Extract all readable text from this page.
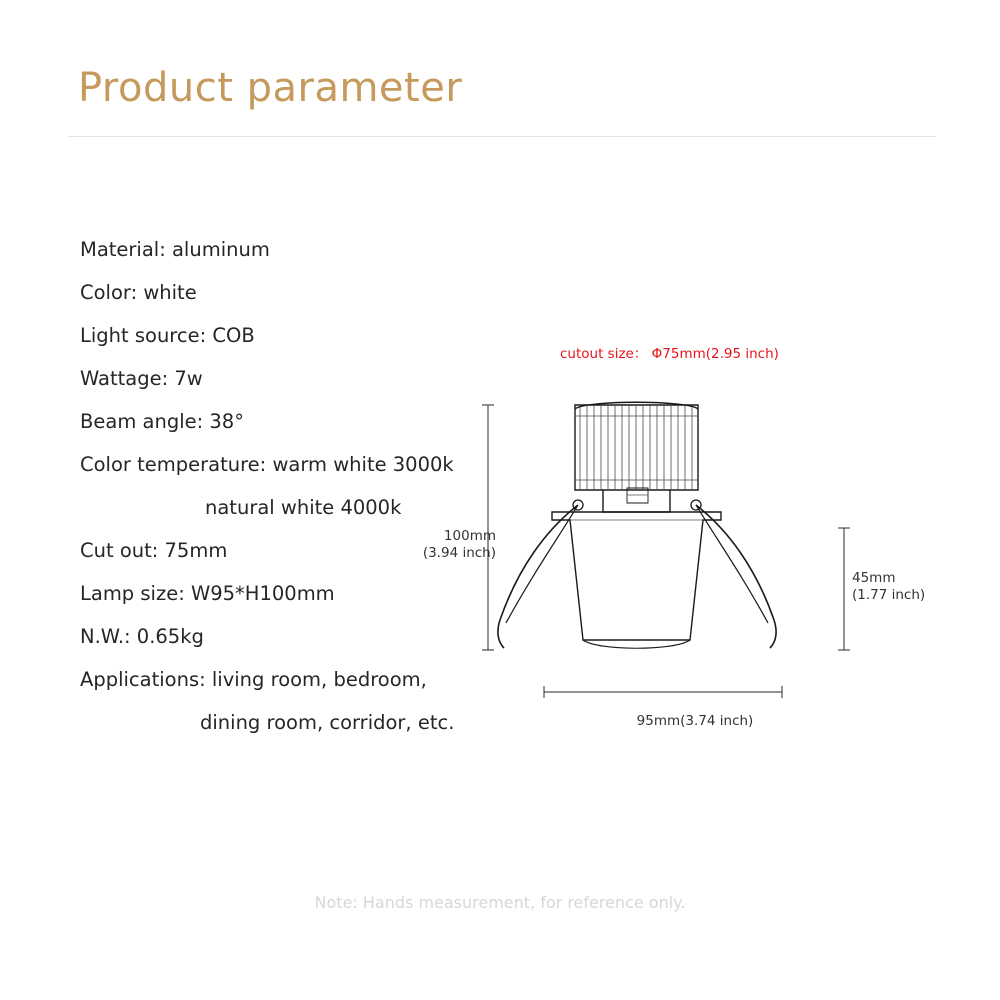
Product parameter
Material: aluminum
Color: white
Light source: COB
Wattage: 7w
Beam angle: 38°
Color temperature: warm white 3000k
natural white 4000k
Cut out: 75mm
Lamp size: W95*H100mm
N.W.: 0.65kg
Applications: living room, bedroom,
dining room, corridor, etc.
cutout size： Φ75mm(2.95 inch)
100mm
(3.94 inch)
45mm
(1.77 inch)
95mm(3.74 inch)
Note: Hands measurement, for reference only.
